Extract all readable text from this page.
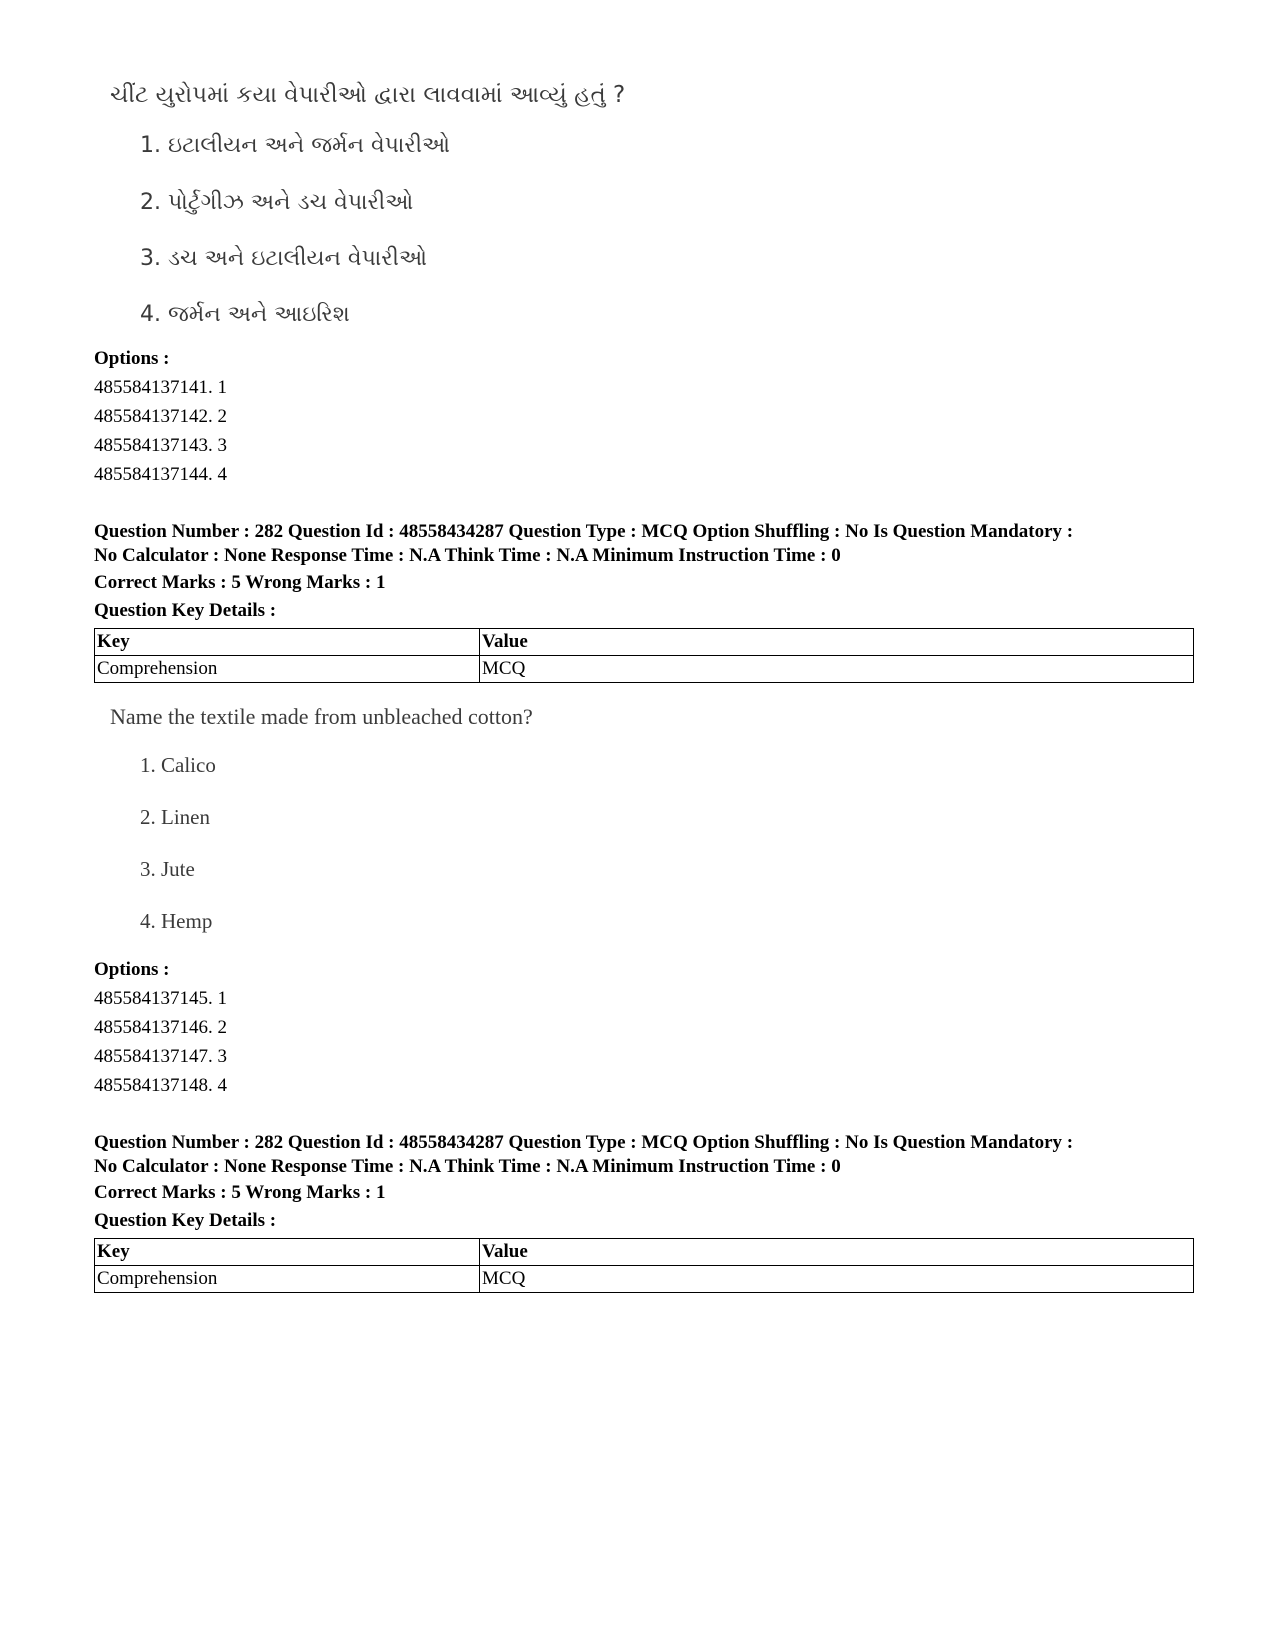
ચીંટ યુરોપમાં કયા વેપારીઓ દ્વારા લાવવામાં આવ્યું હતું ?
1. ઇટાલીયન અને જર્મન વેપારીઓ
2. પોર્ટુગીઝ અને ડચ વેપારીઓ
3. ડચ અને ઇટાલીયન વેપારીઓ
4. જર્મન અને આઇરિશ
Options :
485584137141. 1
485584137142. 2
485584137143. 3
485584137144. 4
Question Number : 282 Question Id : 48558434287 Question Type : MCQ Option Shuffling : No Is Question Mandatory :
No Calculator : None Response Time : N.A Think Time : N.A Minimum Instruction Time : 0
Correct Marks : 5 Wrong Marks : 1
Question Key Details :
Key	Value
Comprehension	MCQ
Name the textile made from unbleached cotton?
1. Calico
2. Linen
3. Jute
4. Hemp
Options :
485584137145. 1
485584137146. 2
485584137147. 3
485584137148. 4
Question Number : 282 Question Id : 48558434287 Question Type : MCQ Option Shuffling : No Is Question Mandatory :
No Calculator : None Response Time : N.A Think Time : N.A Minimum Instruction Time : 0
Correct Marks : 5 Wrong Marks : 1
Question Key Details :
Key	Value
Comprehension	MCQ
